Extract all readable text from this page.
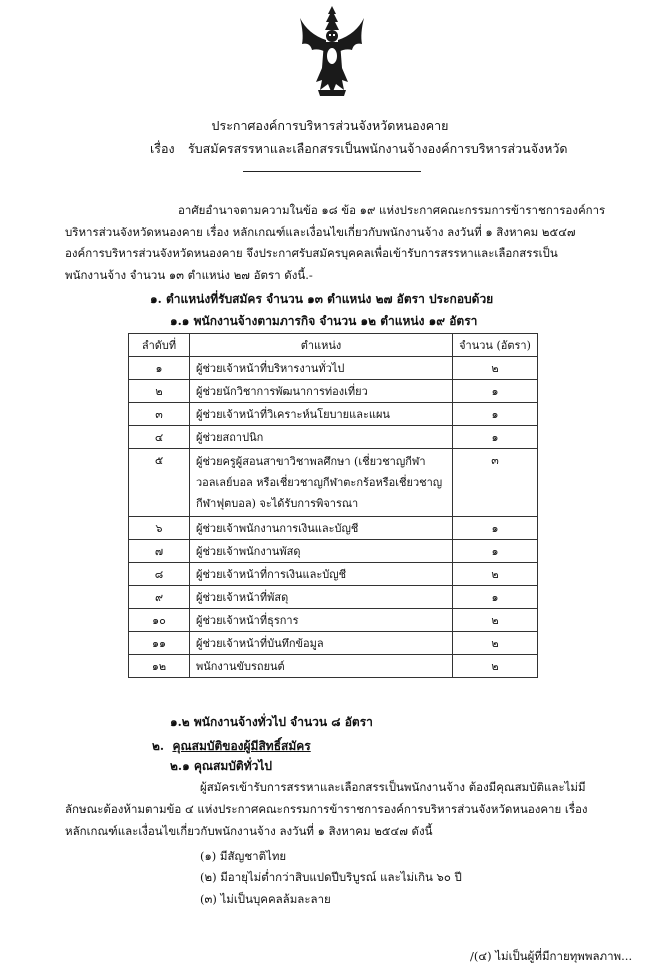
ประกาศองค์การบริหารส่วนจังหวัดหนองคาย
เรื่อง รับสมัครสรรหาและเลือกสรรเป็นพนักงานจ้างองค์การบริหารส่วนจังหวัด
อาศัยอำนาจตามความในข้อ ๑๘ ข้อ ๑๙ แห่งประกาศคณะกรรมการข้าราชการองค์การ
บริหารส่วนจังหวัดหนองคาย เรื่อง หลักเกณฑ์และเงื่อนไขเกี่ยวกับพนักงานจ้าง ลงวันที่ ๑ สิงหาคม ๒๕๔๗
องค์การบริหารส่วนจังหวัดหนองคาย จึงประกาศรับสมัครบุคคลเพื่อเข้ารับการสรรหาและเลือกสรรเป็น
พนักงานจ้าง จำนวน ๑๓ ตำแหน่ง ๒๗ อัตรา ดังนี้.-
๑. ตำแหน่งที่รับสมัคร จำนวน ๑๓ ตำแหน่ง ๒๗ อัตรา ประกอบด้วย
๑.๑ พนักงานจ้างตามภารกิจ จำนวน ๑๒ ตำแหน่ง ๑๙ อัตรา
ลำดับที่	ตำแหน่ง	จำนวน (อัตรา)
๑	ผู้ช่วยเจ้าหน้าที่บริหารงานทั่วไป	๒
๒	ผู้ช่วยนักวิชาการพัฒนาการท่องเที่ยว	๑
๓	ผู้ช่วยเจ้าหน้าที่วิเคราะห์นโยบายและแผน	๑
๔	ผู้ช่วยสถาปนิก	๑
๕	ผู้ช่วยครูผู้สอนสาขาวิชาพลศึกษา (เชี่ยวชาญกีฬาวอลเลย์บอล หรือเชี่ยวชาญกีฬาตะกร้อหรือเชี่ยวชาญกีฬาฟุตบอล) จะได้รับการพิจารณา	๓
๖	ผู้ช่วยเจ้าพนักงานการเงินและบัญชี	๑
๗	ผู้ช่วยเจ้าพนักงานพัสดุ	๑
๘	ผู้ช่วยเจ้าหน้าที่การเงินและบัญชี	๒
๙	ผู้ช่วยเจ้าหน้าที่พัสดุ	๑
๑๐	ผู้ช่วยเจ้าหน้าที่ธุรการ	๒
๑๑	ผู้ช่วยเจ้าหน้าที่บันทึกข้อมูล	๒
๑๒	พนักงานขับรถยนต์	๒
๑.๒ พนักงานจ้างทั่วไป จำนวน ๘ อัตรา
๒. คุณสมบัติของผู้มีสิทธิ์สมัคร
๒.๑ คุณสมบัติทั่วไป
ผู้สมัครเข้ารับการสรรหาและเลือกสรรเป็นพนักงานจ้าง ต้องมีคุณสมบัติและไม่มี
ลักษณะต้องห้ามตามข้อ ๔ แห่งประกาศคณะกรรมการข้าราชการองค์การบริหารส่วนจังหวัดหนองคาย เรื่อง
หลักเกณฑ์และเงื่อนไขเกี่ยวกับพนักงานจ้าง ลงวันที่ ๑ สิงหาคม ๒๕๔๗ ดังนี้
(๑) มีสัญชาติไทย
(๒) มีอายุไม่ต่ำกว่าสิบแปดปีบริบูรณ์ และไม่เกิน ๖๐ ปี
(๓) ไม่เป็นบุคคลล้มละลาย
/(๔) ไม่เป็นผู้ที่มีกายทุพพลภาพ...
